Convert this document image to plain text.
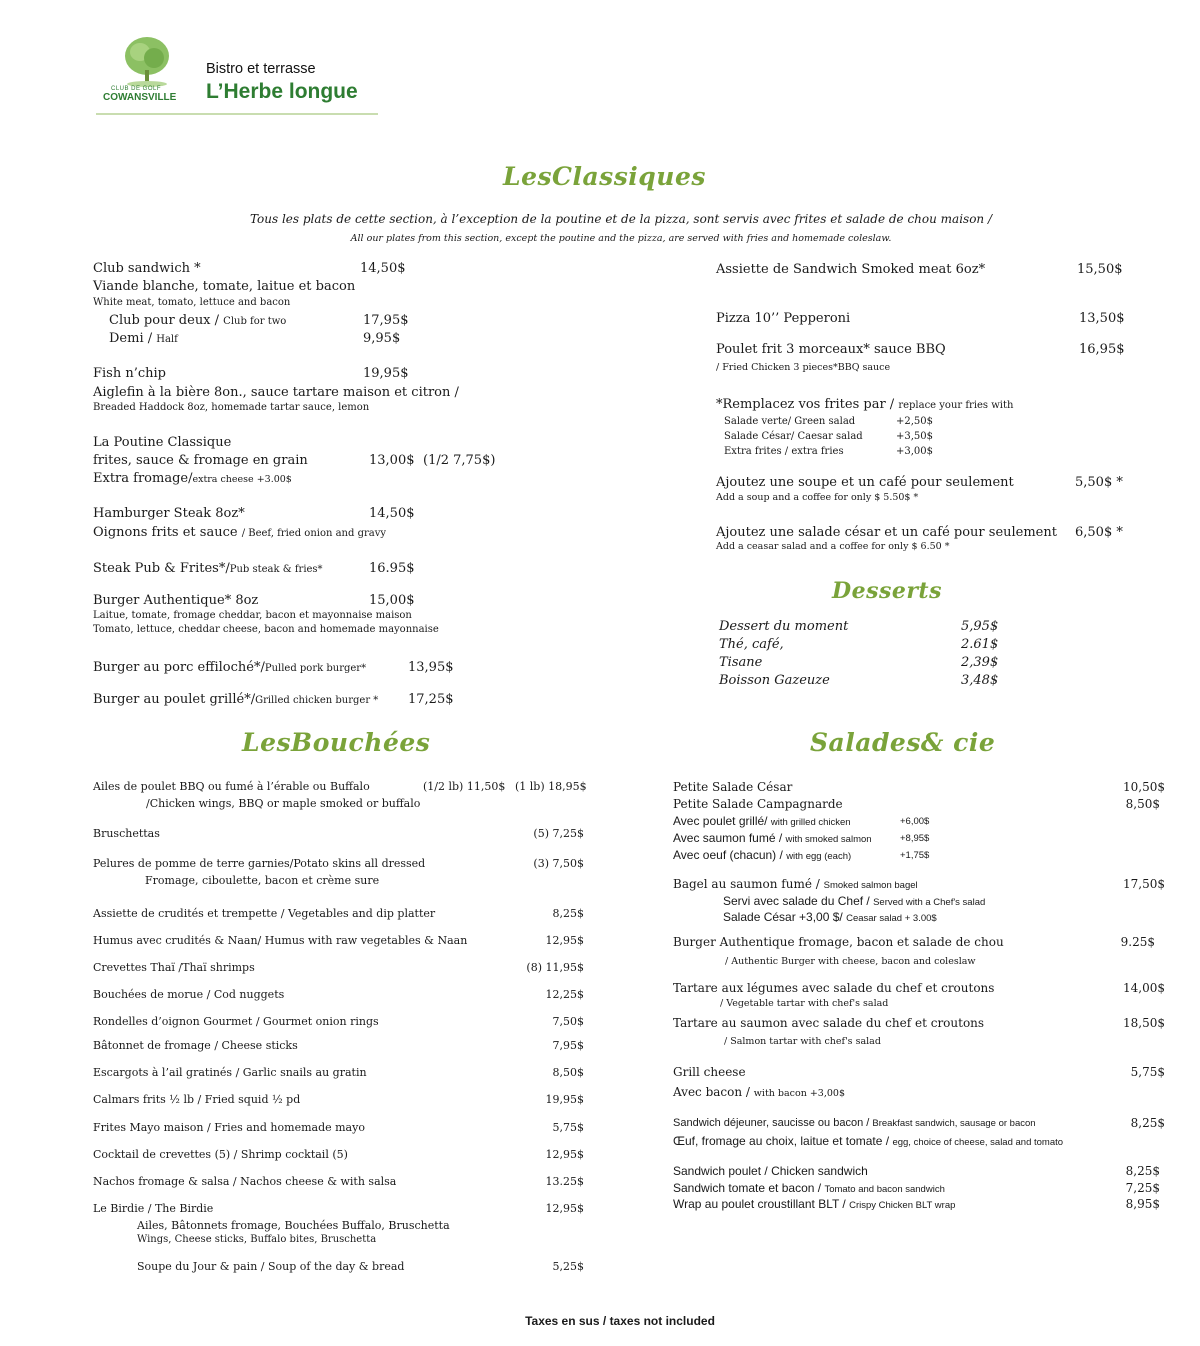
CLUB DE GOLF
COWANSVILLE
Bistro et terrasse
L’Herbe longue
LesClassiques
Tous les plats de cette section, à l’exception de la poutine et de la pizza, sont servis avec frites et salade de chou maison /
All our plates from this section, except the poutine and the pizza, are served with fries and homemade coleslaw.
Club sandwich *	14,50$
Viande blanche, tomate, laitue et bacon
White meat, tomato, lettuce and bacon
Club pour deux / Club for two	17,95$
Demi / Half	9,95$
Fish n’chip	19,95$
Aiglefin à la bière 8on., sauce tartare maison et citron /
Breaded Haddock 8oz, homemade tartar sauce, lemon
La Poutine Classique
frites, sauce & fromage en grain	13,00$ (1/2 7,75$)
Extra fromage/extra cheese +3.00$
Hamburger Steak 8oz*	14,50$
Oignons frits et sauce / Beef, fried onion and gravy
Steak Pub & Frites*/Pub steak & fries*	16.95$
Burger Authentique* 8oz	15,00$
Laitue, tomate, fromage cheddar, bacon et mayonnaise maison
Tomato, lettuce, cheddar cheese, bacon and homemade mayonnaise
Burger au porc effiloché*/Pulled pork burger*	13,95$
Burger au poulet grillé*/Grilled chicken burger * 17,25$
Assiette de Sandwich Smoked meat 6oz*	15,50$
Pizza 10’’ Pepperoni	13,50$
Poulet frit 3 morceaux* sauce BBQ	16,95$
/ Fried Chicken 3 pieces*BBQ sauce
*Remplacez vos frites par / replace your fries with
Salade verte/ Green salad	+2,50$
Salade César/ Caesar salad	+3,50$
Extra frites / extra fries	+3,00$
Ajoutez une soupe et un café pour seulement	5,50$ *
Add a soup and a coffee for only $ 5.50$ *
Ajoutez une salade césar et un café pour seulement 6,50$ *
Add a ceasar salad and a coffee for only $ 6.50 *
Desserts
Dessert du moment	5,95$
Thé, café,	2.61$
Tisane	2,39$
Boisson Gazeuze	3,48$
LesBouchées
Ailes de poulet BBQ ou fumé à l’érable ou Buffalo	(1/2 lb) 11,50$ (1 lb) 18,95$
/Chicken wings, BBQ or maple smoked or buffalo
Bruschettas	(5) 7,25$
Pelures de pomme de terre garnies/Potato skins all dressed	(3) 7,50$
Fromage, ciboulette, bacon et crème sure
Assiette de crudités et trempette / Vegetables and dip platter	8,25$
Humus avec crudités & Naan/ Humus with raw vegetables & Naan	12,95$
Crevettes Thaï /Thaï shrimps	(8) 11,95$
Bouchées de morue / Cod nuggets	12,25$
Rondelles d’oignon Gourmet / Gourmet onion rings	7,50$
Bâtonnet de fromage / Cheese sticks	7,95$
Escargots à l’ail gratinés / Garlic snails au gratin	8,50$
Calmars frits ½ lb / Fried squid ½ pd	19,95$
Frites Mayo maison / Fries and homemade mayo	5,75$
Cocktail de crevettes (5) / Shrimp cocktail (5)	12,95$
Nachos fromage & salsa / Nachos cheese & with salsa	13.25$
Le Birdie / The Birdie	12,95$
Ailes, Bâtonnets fromage, Bouchées Buffalo, Bruschetta
Wings, Cheese sticks, Buffalo bites, Bruschetta
Soupe du Jour & pain / Soup of the day & bread	5,25$
Salades& cie
Petite Salade César	10,50$
Petite Salade Campagnarde	8,50$
Avec poulet grillé/ with grilled chicken	+6,00$
Avec saumon fumé / with smoked salmon	+8,95$
Avec oeuf (chacun) / with egg (each)	+1,75$
Bagel au saumon fumé / Smoked salmon bagel	17,50$
Servi avec salade du Chef / Served with a Chef's salad
Salade César +3,00 $/ Ceasar salad + 3.00$
Burger Authentique fromage, bacon et salade de chou	9.25$
/ Authentic Burger with cheese, bacon and coleslaw
Tartare aux légumes avec salade du chef et croutons	14,00$
/ Vegetable tartar with chef's salad
Tartare au saumon avec salade du chef et croutons	18,50$
/ Salmon tartar with chef's salad
Grill cheese	5,75$
Avec bacon / with bacon +3,00$
Sandwich déjeuner, saucisse ou bacon / Breakfast sandwich, sausage or bacon	8,25$
Œuf, fromage au choix, laitue et tomate / egg, choice of cheese, salad and tomato
Sandwich poulet / Chicken sandwich	8,25$
Sandwich tomate et bacon / Tomato and bacon sandwich	7,25$
Wrap au poulet croustillant BLT / Crispy Chicken BLT wrap	8,95$
Taxes en sus / taxes not included
